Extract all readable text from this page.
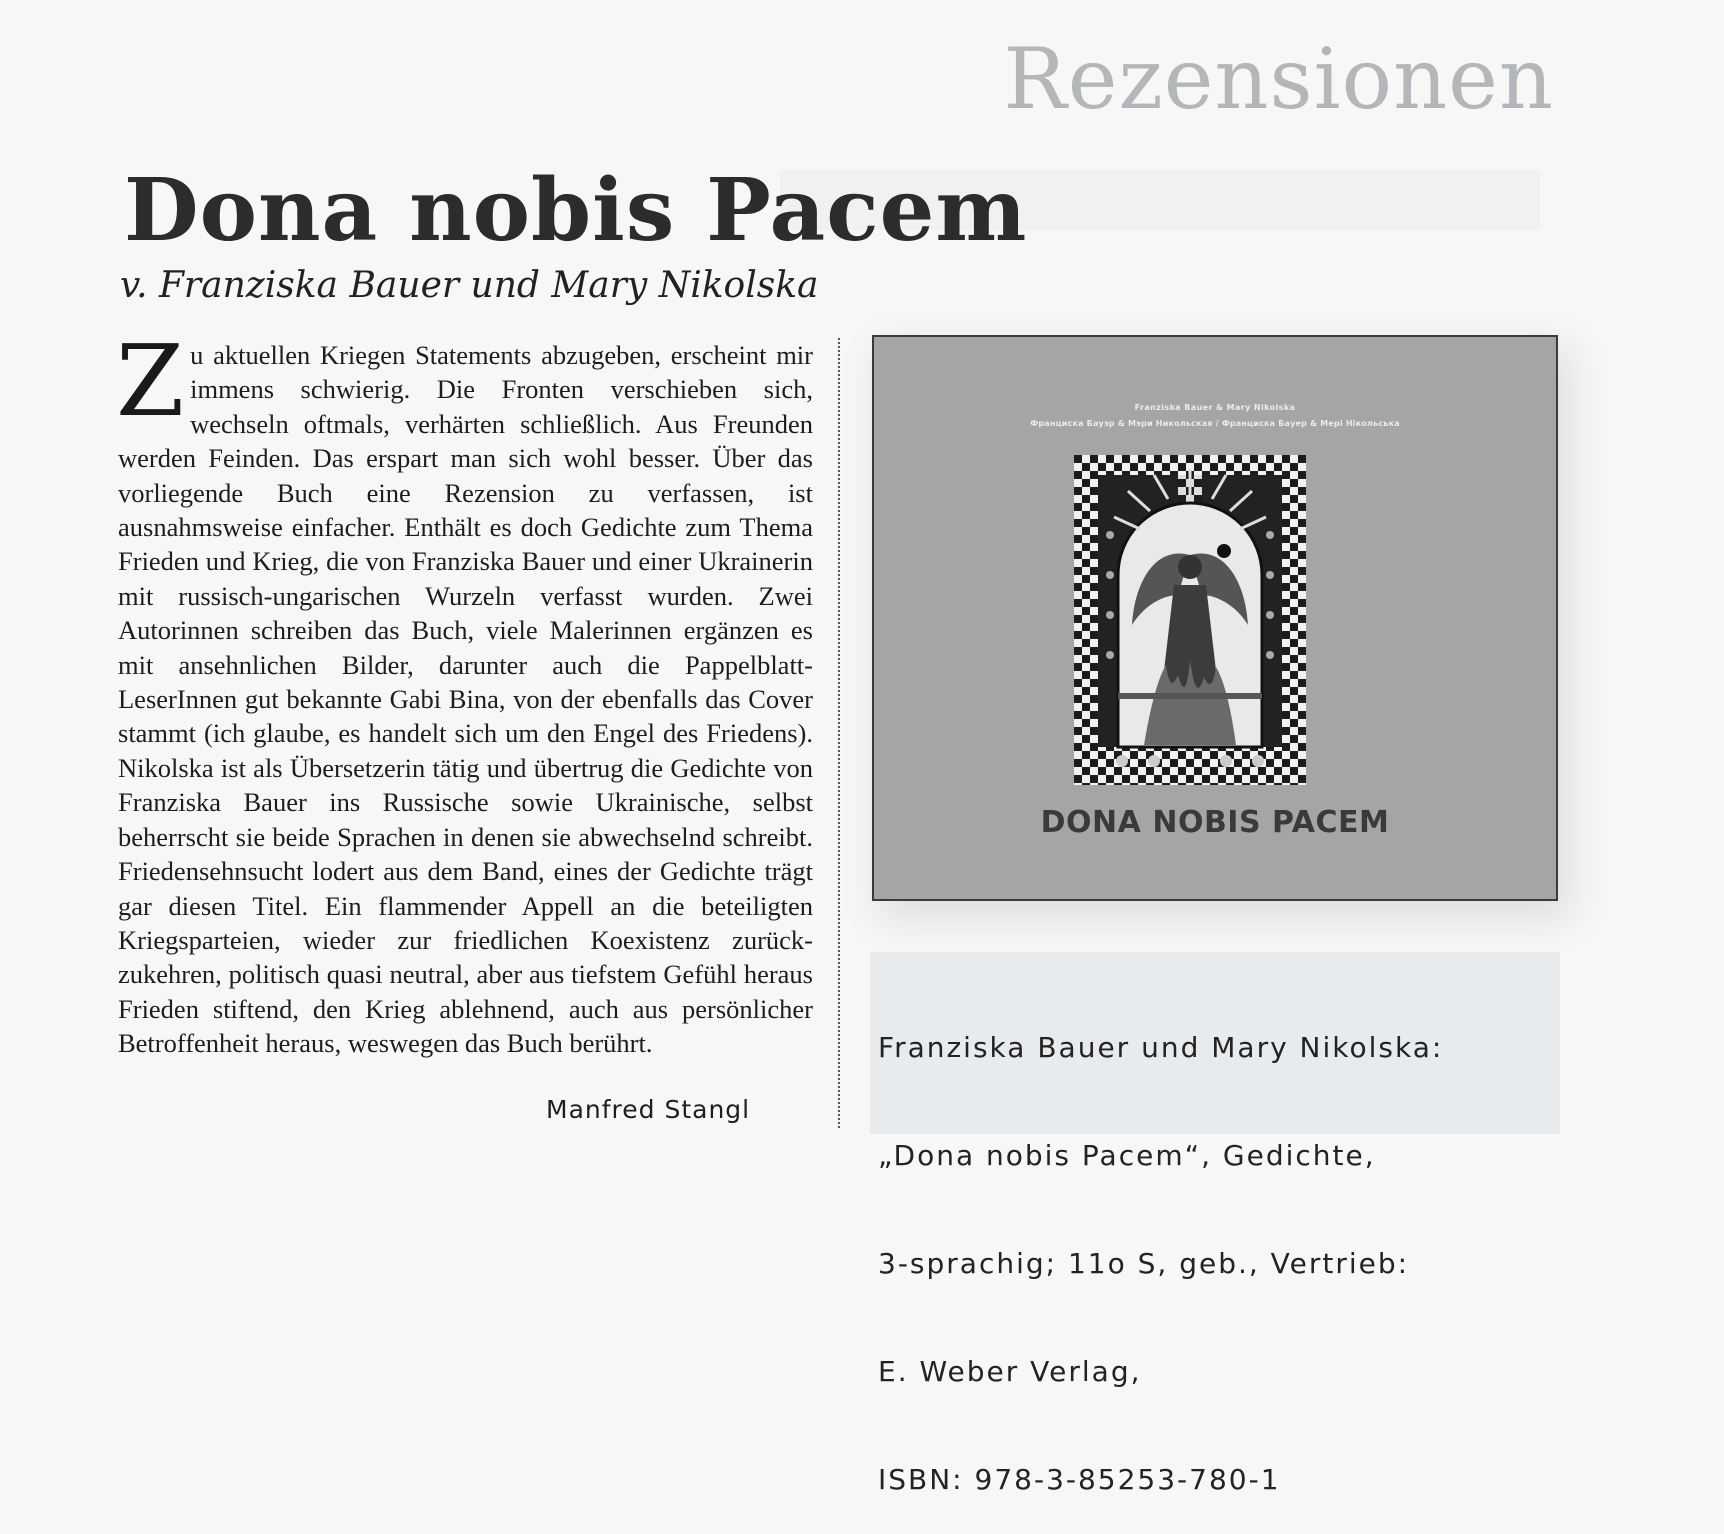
Rezensionen
Dona nobis Pacem
v. Franziska Bauer und Mary Nikolska
Z u aktuellen Kriegen Statements abzugeben, erscheint mir immens schwierig. Die Fronten verschieben sich, wechseln oftmals, verhärten schließlich. Aus Freunden werden Feinden. Das erspart man sich wohl besser. Über das vorliegende Buch eine Rezension zu verfassen, ist ausnahmsweise einfacher. Enthält es doch Gedichte zum Thema Frieden und Krieg, die von Franziska Bauer und einer Ukrainerin mit russisch-ungarischen Wurzeln verfasst wurden. Zwei Autorinnen schreiben das Buch, viele Malerinnen ergänzen es mit ansehnlichen Bilder, darunter auch die Pappelblatt-LeserInnen gut bekannte Gabi Bina, von der ebenfalls das Cover stammt (ich glaube, es handelt sich um den Engel des Friedens). Nikolska ist als Übersetzerin tätig und übertrug die Gedichte von Franziska Bauer ins Russische sowie Ukrainische, selbst beherrscht sie beide Sprachen in denen sie abwechselnd schreibt. Friedensehnsucht lodert aus dem Band, eines der Gedichte trägt gar diesen Titel. Ein flammender Appell an die beteiligten Kriegsparteien, wieder zur friedlichen Koexistenz zurückzukehren, politisch quasi neutral, aber aus tiefstem Gefühl heraus Frieden stiftend, den Krieg ablehnend, auch aus persönlicher Betroffenheit heraus, weswegen das Buch berührt.
Manfred Stangl
Franziska Bauer & Mary Nikolska
Франциска Бауэр & Мэри Никольская / Франциска Бауер & Мері Нікольська
DONA NOBIS PACEM

Franziska Bauer und Mary Nikolska:

„Dona nobis Pacem“, Gedichte,

3-sprachig; 11o S, geb., Vertrieb:

E. Weber Verlag,

ISBN: 978-3-85253-780-1
